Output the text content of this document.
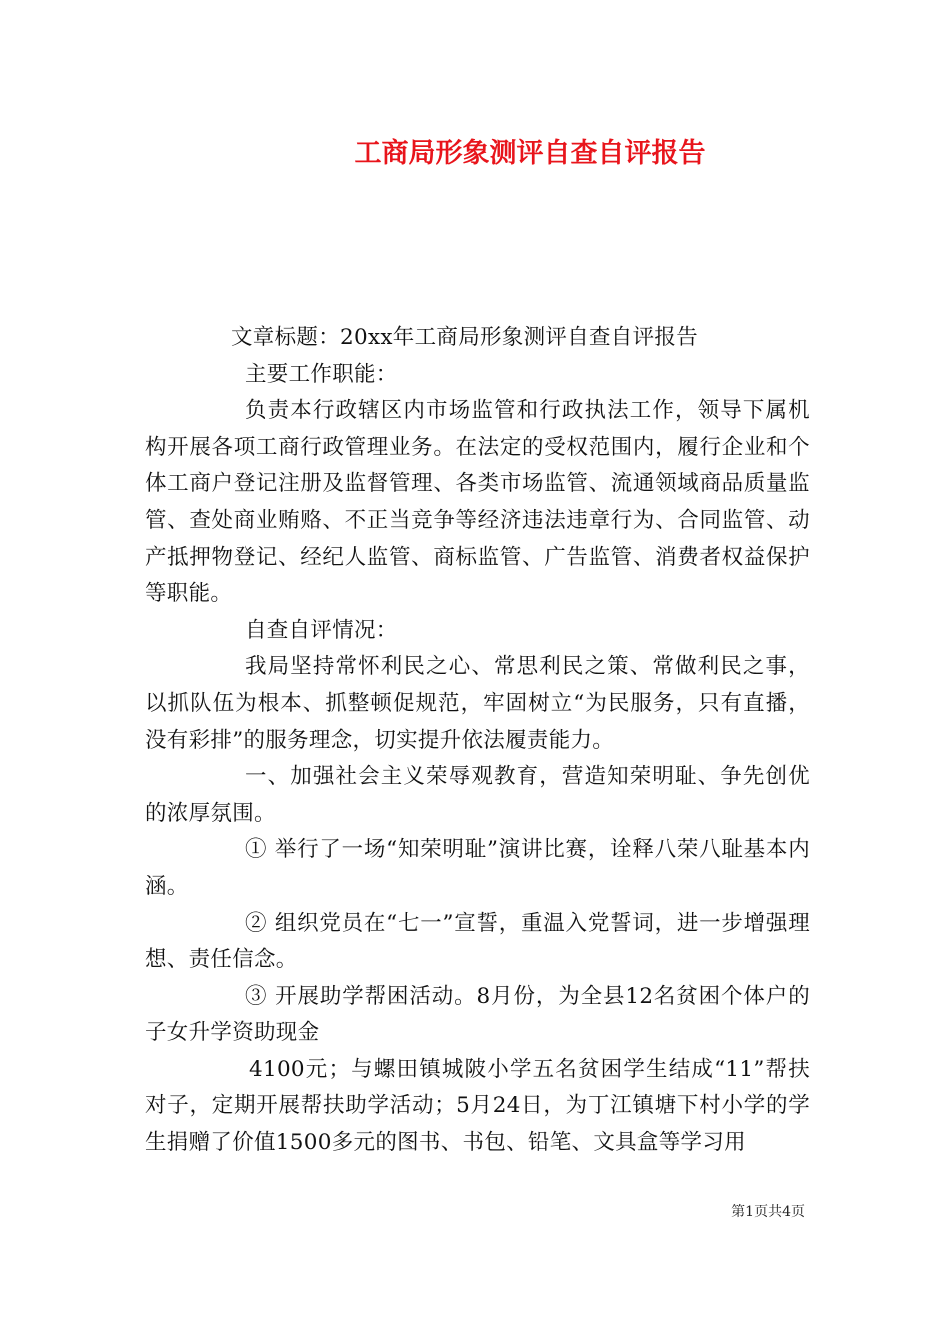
工商局形象测评自查自评报告

文章标题：20xx年工商局形象测评自查自评报告

主要工作职能：

负责本行政辖区内市场监管和行政执法工作，领导下属机构开展各项工商行政管理业务。在法定的受权范围内，履行企业和个体工商户登记注册及监督管理、各类市场监管、流通领域商品质量监管、查处商业贿赂、不正当竞争等经济违法违章行为、合同监管、动产抵押物登记、经纪人监管、商标监管、广告监管、消费者权益保护等职能。

自查自评情况：

我局坚持常怀利民之心、常思利民之策、常做利民之事，以抓队伍为根本、抓整顿促规范，牢固树立“为民服务，只有直播，没有彩排”的服务理念，切实提升依法履责能力。

一、加强社会主义荣辱观教育，营造知荣明耻、争先创优的浓厚氛围。

① 举行了一场“知荣明耻”演讲比赛，诠释八荣八耻基本内涵。

② 组织党员在“七一”宣誓，重温入党誓词，进一步增强理想、责任信念。

③ 开展助学帮困活动。8月份，为全县12名贫困个体户的子女升学资助现金

4100元；与螺田镇城陂小学五名贫困学生结成“11”帮扶对子，定期开展帮扶助学活动；5月24日，为丁江镇塘下村小学的学生捐赠了价值1500多元的图书、书包、铅笔、文具盒等学习用

第1页共4页
